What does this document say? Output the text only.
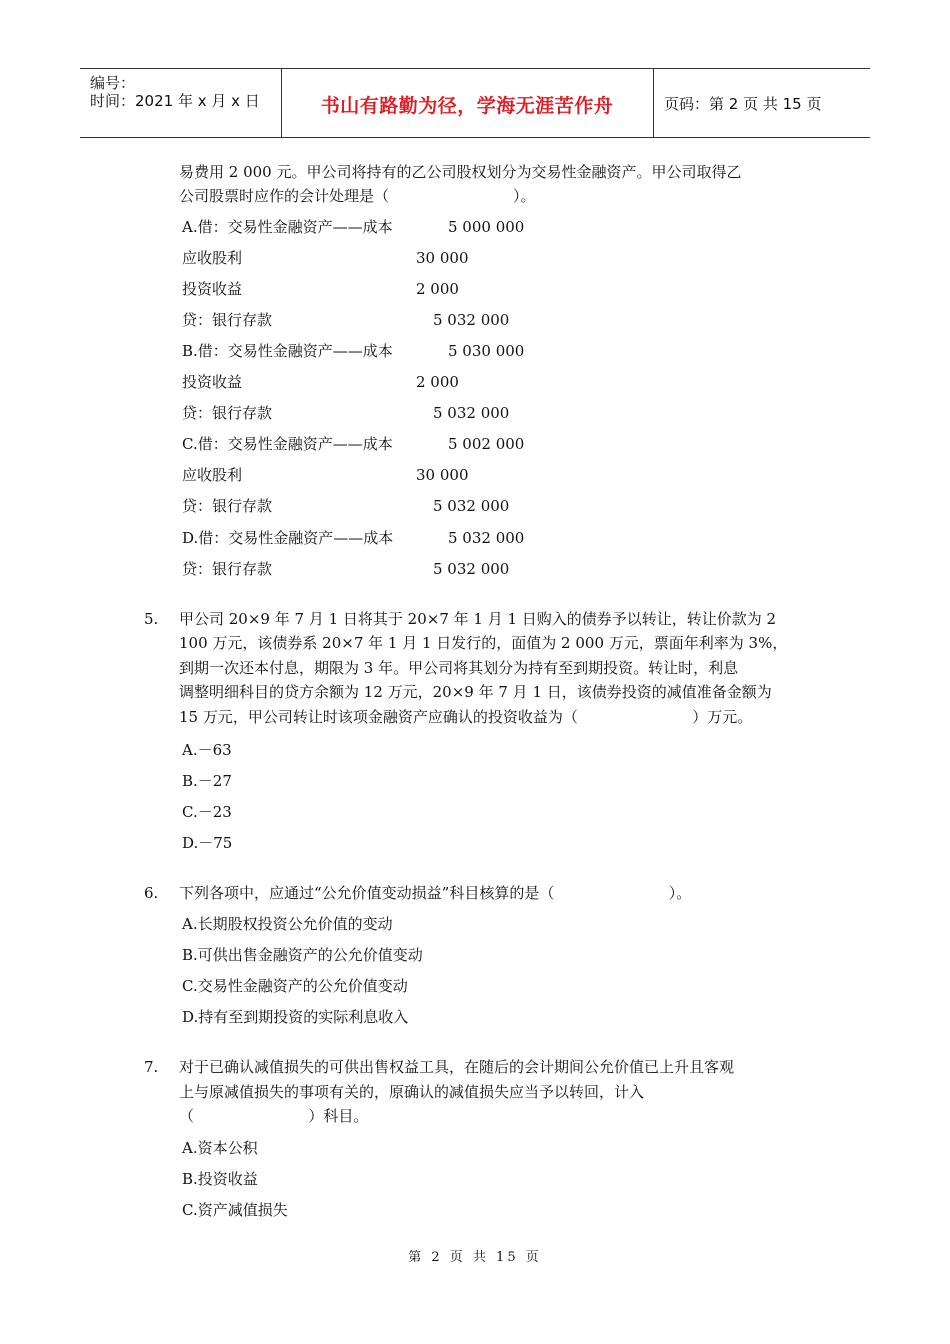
编号：
时间：2021 年 x 月 x 日	书山有路勤为径，学海无涯苦作舟	页码：第 2 页 共 15 页
易费用 2 000 元。甲公司将持有的乙公司股权划分为交易性金融资产。甲公司取得乙
公司股票时应作的会计处理是（                          ）。
A.借：交易性金融资产——成本	5 000 000
应收股利	30 000
投资收益	2 000
贷：银行存款	5 032 000
B.借：交易性金融资产——成本	5 030 000
投资收益	2 000
贷：银行存款	5 032 000
C.借：交易性金融资产——成本	5 002 000
应收股利	30 000
贷：银行存款	5 032 000
D.借：交易性金融资产——成本	5 032 000
贷：银行存款	5 032 000
5. 甲公司 20×9 年 7 月 1 日将其于 20×7 年 1 月 1 日购入的债券予以转让，转让价款为 2
100 万元，该债券系 20×7 年 1 月 1 日发行的，面值为 2 000 万元，票面年利率为 3%，
到期一次还本付息，期限为 3 年。甲公司将其划分为持有至到期投资。转让时，利息
调整明细科目的贷方余额为 12 万元，20×9 年 7 月 1 日，该债券投资的减值准备金额为
15 万元，甲公司转让时该项金融资产应确认的投资收益为（                        ）万元。
A.－63
B.－27
C.－23
D.－75
6. 下列各项中，应通过“公允价值变动损益”科目核算的是（                        ）。
A.长期股权投资公允价值的变动
B.可供出售金融资产的公允价值变动
C.交易性金融资产的公允价值变动
D.持有至到期投资的实际利息收入
7. 对于已确认减值损失的可供出售权益工具，在随后的会计期间公允价值已上升且客观
上与原减值损失的事项有关的，原确认的减值损失应当予以转回，计入
（                        ）科目。
A.资本公积
B.投资收益
C.资产减值损失
第 2 页 共 15 页
